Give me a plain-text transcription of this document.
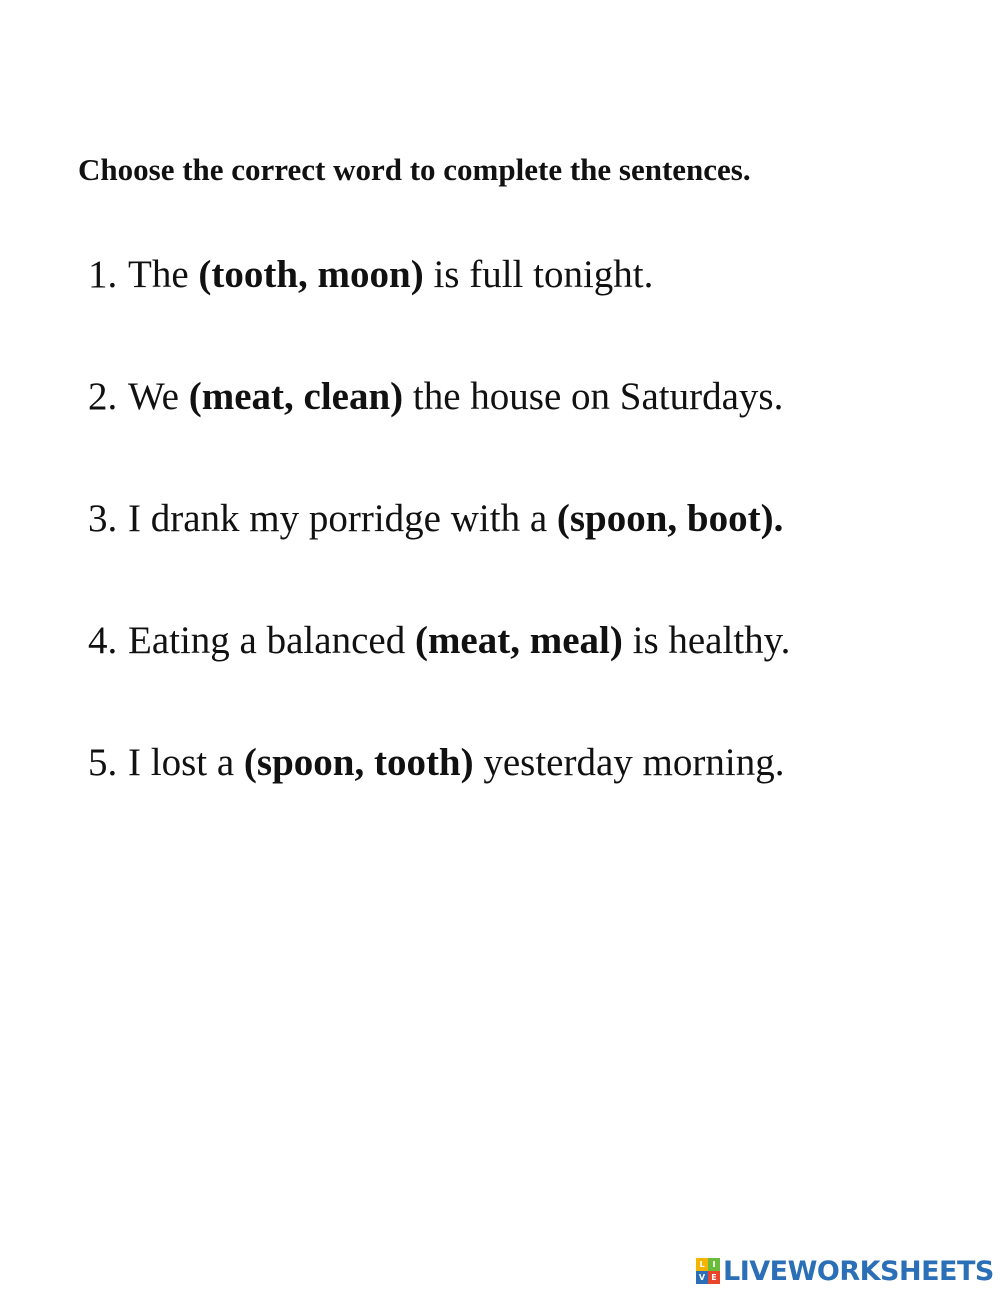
Choose the correct word to complete the sentences.
1. The (tooth, moon) is full tonight.
2. We (meat, clean) the house on Saturdays.
3. I drank my porridge with a (spoon, boot).
4. Eating a balanced (meat, meal) is healthy.
5. I lost a (spoon, tooth) yesterday morning.
L I
V E LIVEWORKSHEETS
